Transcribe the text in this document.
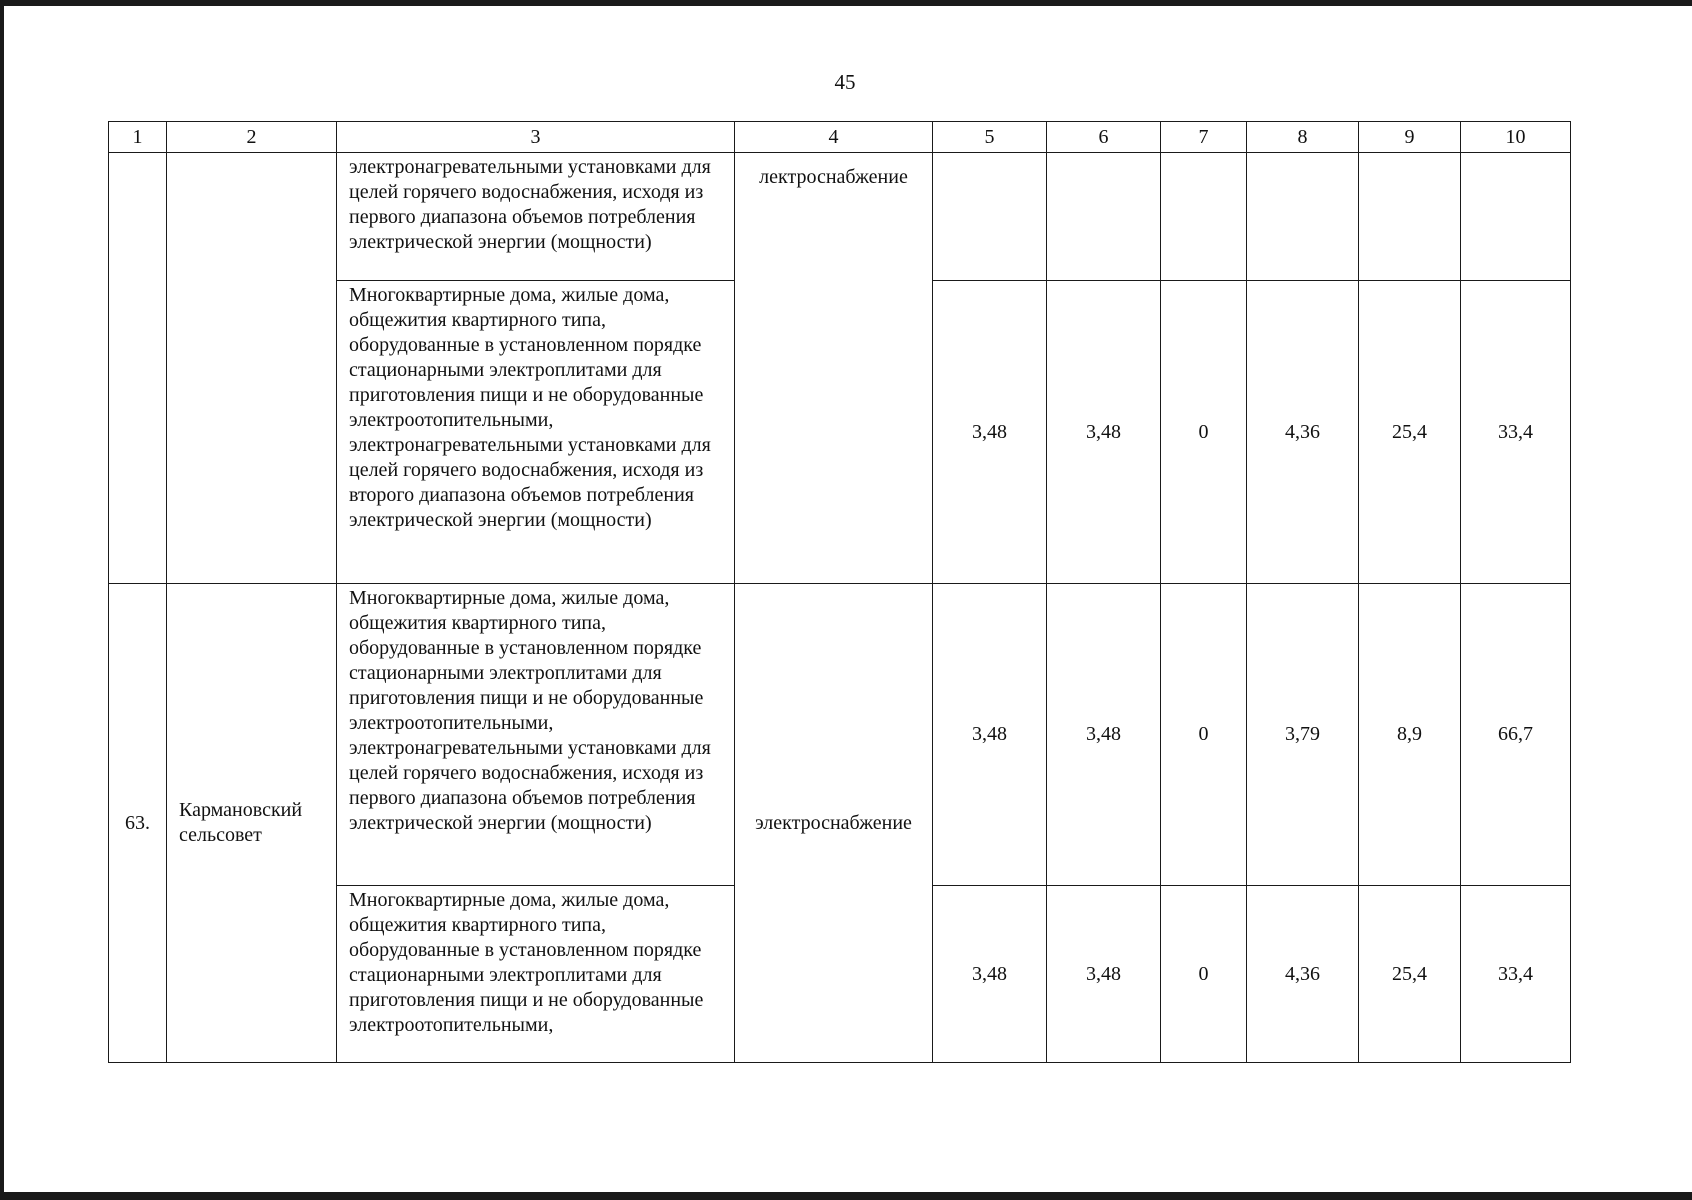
45
1	2	3	4	5	6	7	8	9	10
		электронагревательными установками для целей горячего водоснабжения, исходя из первого диапазона объемов потребления электрической энергии (мощности)	лектроснабжение						
		Многоквартирные дома, жилые дома, общежития квартирного типа, оборудованные в установленном порядке стационарными электроплитами для приготовления пищи и не оборудованные электроотопительными, электронагревательными установками для целей горячего водоснабжения, исходя из второго диапазона объемов потребления электрической энергии (мощности)		3,48	3,48	0	4,36	25,4	33,4
63.	Кармановский сельсовет	Многоквартирные дома, жилые дома, общежития квартирного типа, оборудованные в установленном порядке стационарными электроплитами для приготовления пищи и не оборудованные электроотопительными, электронагревательными установками для целей горячего водоснабжения, исходя из первого диапазона объемов потребления электрической энергии (мощности)	электроснабжение	3,48	3,48	0	3,79	8,9	66,7
		Многоквартирные дома, жилые дома, общежития квартирного типа, оборудованные в установленном порядке стационарными электроплитами для приготовления пищи и не оборудованные электроотопительными,		3,48	3,48	0	4,36	25,4	33,4
